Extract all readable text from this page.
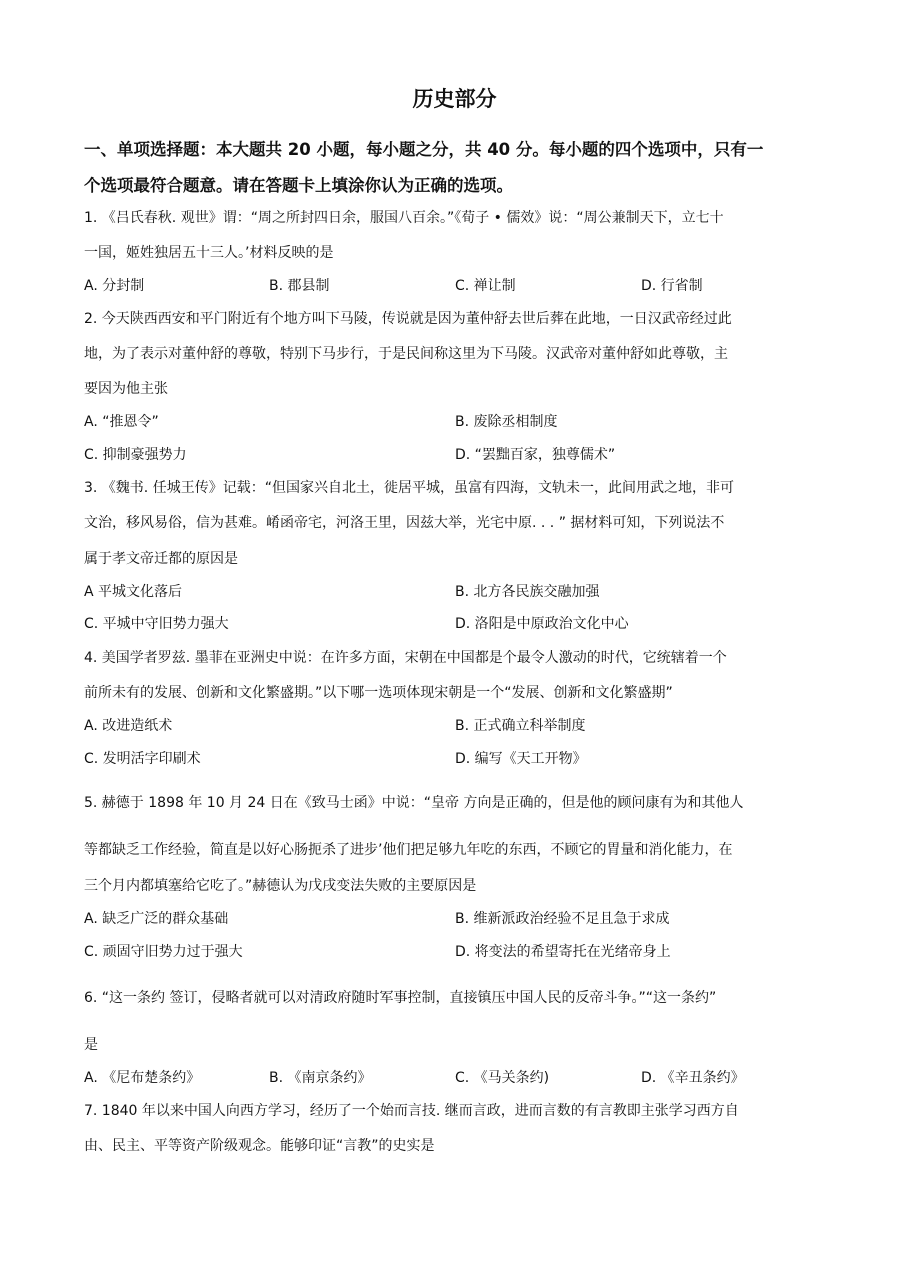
历史部分
一、单项选择题：本大题共 20 小题，每小题之分，共 40 分。每小题的四个选项中，只有一 个选项最符合题意。请在答题卡上填涂你认为正确的选项。
1. 《吕氏春秋. 观世》谓：“周之所封四日余，服国八百余。”《荀子 • 儒效》说：“周公兼制天下，立七十
一国，姬姓独居五十三人。’材料反映的是
A. 分封制	B. 郡县制	C. 禅让制	D. 行省制
2. 今天陕西西安和平门附近有个地方叫下马陵，传说就是因为董仲舒去世后葬在此地，一日汉武帝经过此
地，为了表示对董仲舒的尊敬，特别下马步行，于是民间称这里为下马陵。汉武帝对董仲舒如此尊敬，主
要因为他主张
A. “推恩令”	B. 废除丞相制度
C. 抑制豪强势力	D. “罢黜百家，独尊儒术”
3. 《魏书. 任城王传》记载：“但国家兴自北土，徙居平城，虽富有四海，文轨未一，此间用武之地，非可
文治，移风易俗，信为甚难。崤函帝宅，河洛王里，因兹大举，光宅中原. . . ” 据材料可知，下列说法不
属于孝文帝迁都的原因是
A 平城文化落后	B. 北方各民族交融加强
C. 平城中守旧势力强大	D. 洛阳是中原政治文化中心
4. 美国学者罗兹. 墨菲在亚洲史中说：在许多方面，宋朝在中国都是个最令人激动的时代，它统辖着一个
前所未有的发展、创新和文化繁盛期。”以下哪一选项体现宋朝是一个“发展、创新和文化繁盛期”
A. 改进造纸术	B. 正式确立科举制度
C. 发明活字印刷术	D. 编写《天工开物》
5. 赫德于 1898 年 10 月 24 日在《致马士函》中说：“皇帝 方向是正确的，但是他的顾问康有为和其他人
等都缺乏工作经验，简直是以好心肠扼杀了进步’他们把足够九年吃的东西，不顾它的胃量和消化能力，在
三个月内都填塞给它吃了。”赫德认为戊戌变法失败的主要原因是
A. 缺乏广泛的群众基础	B. 维新派政治经验不足且急于求成
C. 顽固守旧势力过于强大	D. 将变法的希望寄托在光绪帝身上
6. “这一条约 签订，侵略者就可以对清政府随时军事控制，直接镇压中国人民的反帝斗争。”“这一条约”
是
A. 《尼布楚条约》	B. 《南京条约》	C. 《马关条约)	D. 《辛丑条约》
7. 1840 年以来中国人向西方学习，经历了一个始而言技. 继而言政，进而言数的有言教即主张学习西方自
由、民主、平等资产阶级观念。能够印证“言教”的史实是
